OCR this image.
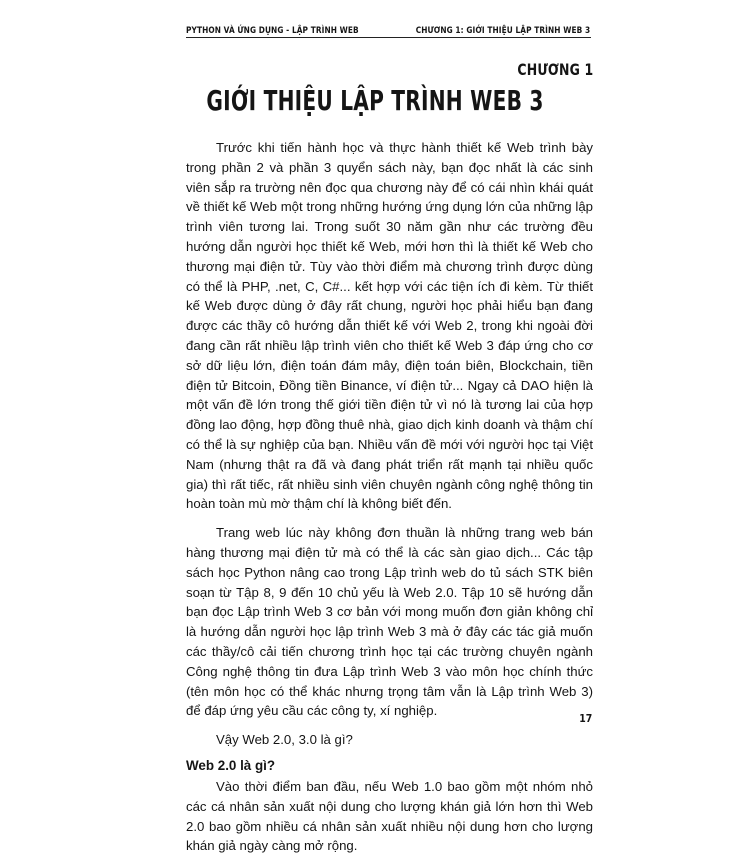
PYTHON VÀ ỨNG DỤNG - LẬP TRÌNH WEB	CHƯƠNG 1: GIỚI THIỆU LẬP TRÌNH WEB 3
CHƯƠNG 1
GIỚI THIỆU LẬP TRÌNH WEB 3

Trước khi tiến hành học và thực hành thiết kế Web trình bày trong phần 2 và phần 3 quyển sách này, bạn đọc nhất là các sinh viên sắp ra trường nên đọc qua chương này để có cái nhìn khái quát về thiết kế Web một trong những hướng ứng dụng lớn của những lập trình viên tương lai. Trong suốt 30 năm gần như các trường đều hướng dẫn người học thiết kế Web, mới hơn thì là thiết kế Web cho thương mại điện tử. Tùy vào thời điểm mà chương trình được dùng có thể là PHP, .net, C, C#... kết hợp với các tiện ích đi kèm. Từ thiết kế Web được dùng ở đây rất chung, người học phải hiểu bạn đang được các thầy cô hướng dẫn thiết kế với Web 2, trong khi ngoài đời đang cần rất nhiều lập trình viên cho thiết kế Web 3 đáp ứng cho cơ sở dữ liệu lớn, điện toán đám mây, điện toán biên, Blockchain, tiền điện tử Bitcoin, Đồng tiền Binance, ví điện tử... Ngay cả DAO hiện là một vấn đề lớn trong thế giới tiền điện tử vì nó là tương lai của hợp đồng lao động, hợp đồng thuê nhà, giao dịch kinh doanh và thậm chí có thể là sự nghiệp của bạn. Nhiều vấn đề mới với người học tại Việt Nam (nhưng thật ra đã và đang phát triển rất mạnh tại nhiều quốc gia) thì rất tiếc, rất nhiều sinh viên chuyên ngành công nghệ thông tin hoàn toàn mù mờ thậm chí là không biết đến.

Trang web lúc này không đơn thuần là những trang web bán hàng thương mại điện tử mà có thể là các sàn giao dịch... Các tập sách học Python nâng cao trong Lập trình web do tủ sách STK biên soạn từ Tập 8, 9 đến 10 chủ yếu là Web 2.0. Tập 10 sẽ hướng dẫn bạn đọc Lập trình Web 3 cơ bản với mong muốn đơn giản không chỉ là hướng dẫn người học lập trình Web 3 mà ở đây các tác giả muốn các thầy/cô cải tiến chương trình học tại các trường chuyên ngành Công nghệ thông tin đưa Lập trình Web 3 vào môn học chính thức (tên môn học có thể khác nhưng trọng tâm vẫn là Lập trình Web 3) để đáp ứng yêu cầu các công ty, xí nghiệp.

Vậy Web 2.0, 3.0 là gì?

Web 2.0 là gì?

Vào thời điểm ban đầu, nếu Web 1.0 bao gồm một nhóm nhỏ các cá nhân sản xuất nội dung cho lượng khán giả lớn hơn thì Web 2.0 bao gồm nhiều cá nhân sản xuất nhiều nội dung hơn cho lượng khán giả ngày càng mở rộng.

17
